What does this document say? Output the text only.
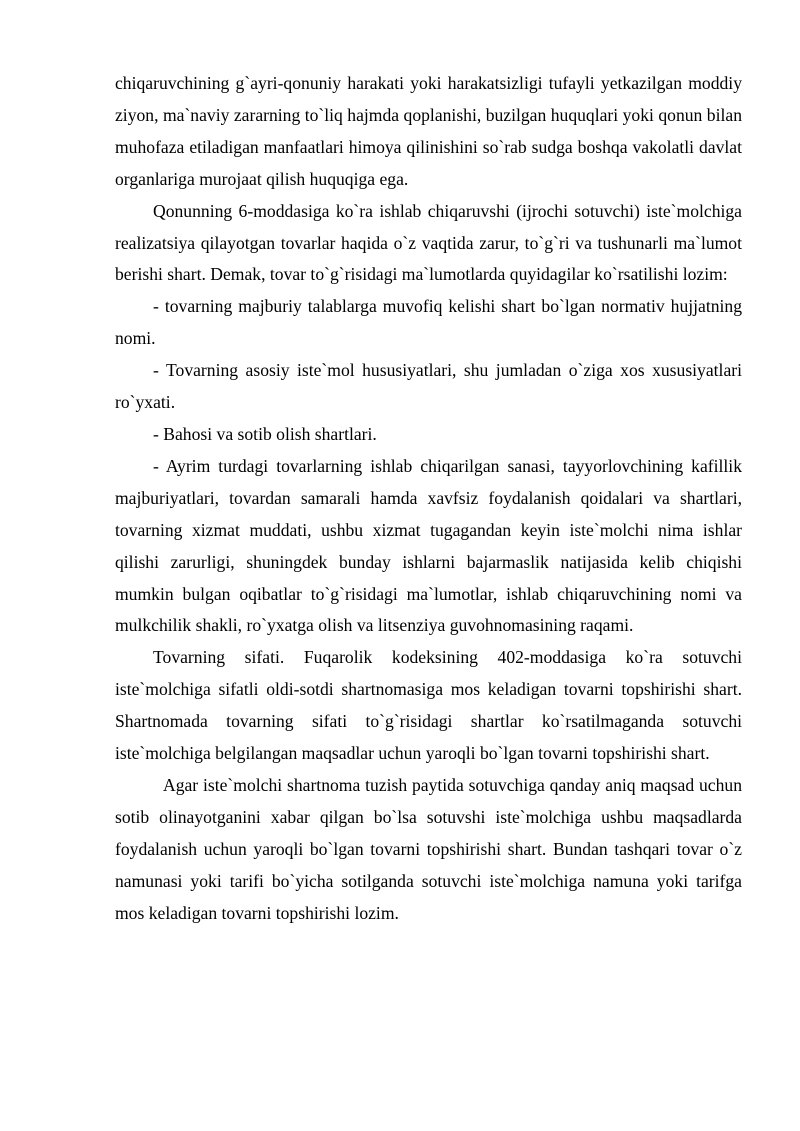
chiqaruvchining g`ayri-qonuniy harakati yoki harakatsizligi tufayli yetkazilgan moddiy ziyon, ma`naviy zararning to`liq hajmda qoplanishi, buzilgan huquqlari yoki qonun bilan muhofaza etiladigan manfaatlari himoya qilinishini so`rab sudga boshqa vakolatli davlat organlariga murojaat qilish huquqiga ega.

Qonunning 6-moddasiga ko`ra ishlab chiqaruvshi (ijrochi sotuvchi) iste`molchiga realizatsiya qilayotgan tovarlar haqida o`z vaqtida zarur, to`g`ri va tushunarli ma`lumot berishi shart. Demak, tovar to`g`risidagi ma`lumotlarda quyidagilar ko`rsatilishi lozim:

- tovarning majburiy talablarga muvofiq kelishi shart bo`lgan normativ hujjatning nomi.

- Tovarning asosiy iste`mol hususiyatlari, shu jumladan o`ziga xos xususiyatlari ro`yxati.

- Bahosi va sotib olish shartlari.

- Ayrim turdagi tovarlarning ishlab chiqarilgan sanasi, tayyorlovchining kafillik majburiyatlari, tovardan samarali hamda xavfsiz foydalanish qoidalari va shartlari, tovarning xizmat muddati, ushbu xizmat tugagandan keyin iste`molchi nima ishlar qilishi zarurligi, shuningdek bunday ishlarni bajarmaslik natijasida kelib chiqishi mumkin bulgan oqibatlar to`g`risidagi ma`lumotlar, ishlab chiqaruvchining nomi va mulkchilik shakli, ro`yxatga olish va litsenziya guvohnomasining raqami.

Tovarning sifati. Fuqarolik kodeksining 402-moddasiga ko`ra sotuvchi iste`molchiga sifatli oldi-sotdi shartnomasiga mos keladigan tovarni topshirishi shart. Shartnomada tovarning sifati to`g`risidagi shartlar ko`rsatilmaganda sotuvchi iste`molchiga belgilangan maqsadlar uchun yaroqli bo`lgan tovarni topshirishi shart.

Agar iste`molchi shartnoma tuzish paytida sotuvchiga qanday aniq maqsad uchun sotib olinayotganini xabar qilgan bo`lsa sotuvshi iste`molchiga ushbu maqsadlarda foydalanish uchun yaroqli bo`lgan tovarni topshirishi shart. Bundan tashqari tovar o`z namunasi yoki tarifi bo`yicha sotilganda sotuvchi iste`molchiga namuna yoki tarifga mos keladigan tovarni topshirishi lozim.
